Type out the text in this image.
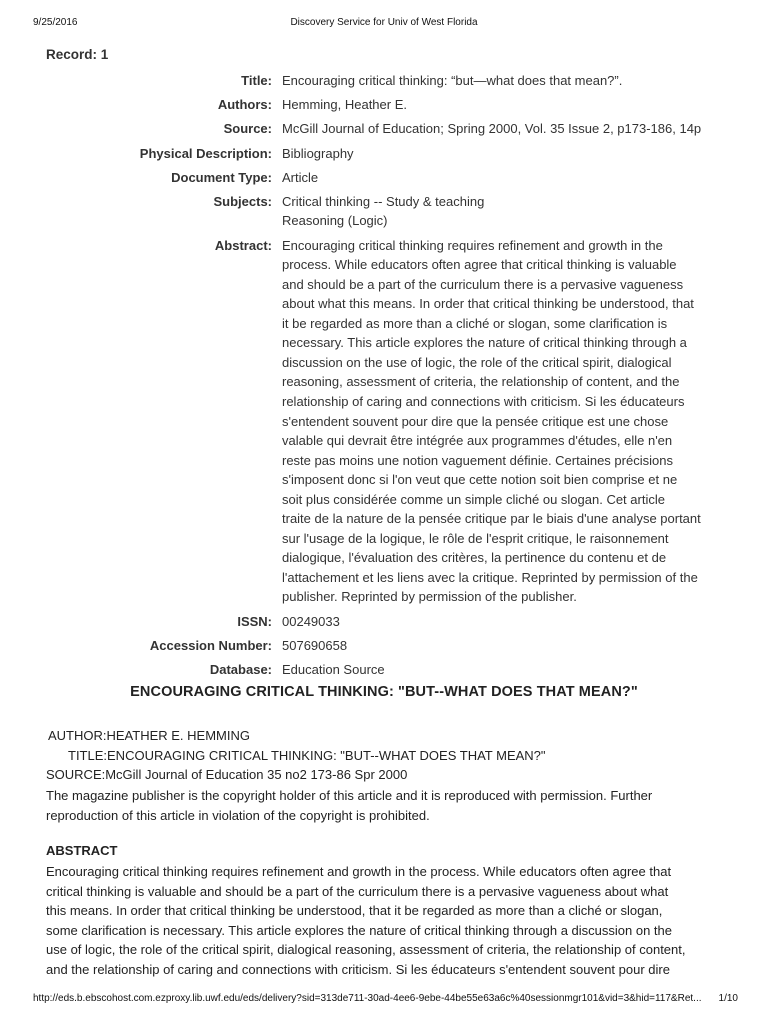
9/25/2016	Discovery Service for Univ of West Florida
Record: 1
Title: Encouraging critical thinking: “but—what does that mean?”.
Authors: Hemming, Heather E.
Source: McGill Journal of Education; Spring 2000, Vol. 35 Issue 2, p173-186, 14p
Physical Description: Bibliography
Document Type: Article
Subjects: Critical thinking -- Study & teaching
Reasoning (Logic)
Abstract: Encouraging critical thinking requires refinement and growth in the
process. While educators often agree that critical thinking is valuable
and should be a part of the curriculum there is a pervasive vagueness
about what this means. In order that critical thinking be understood, that
it be regarded as more than a cliché or slogan, some clarification is
necessary. This article explores the nature of critical thinking through a
discussion on the use of logic, the role of the critical spirit, dialogical
reasoning, assessment of criteria, the relationship of content, and the
relationship of caring and connections with criticism. Si les éducateurs
s'entendent souvent pour dire que la pensée critique est une chose
valable qui devrait être intégrée aux programmes d'études, elle n'en
reste pas moins une notion vaguement définie. Certaines précisions
s'imposent donc si l'on veut que cette notion soit bien comprise et ne
soit plus considérée comme un simple cliché ou slogan. Cet article
traite de la nature de la pensée critique par le biais d'une analyse portant
sur l'usage de la logique, le rôle de l'esprit critique, le raisonnement
dialogique, l'évaluation des critères, la pertinence du contenu et de
l'attachement et les liens avec la critique. Reprinted by permission of the
publisher. Reprinted by permission of the publisher.
ISSN: 00249033
Accession Number: 507690658
Database: Education Source
ENCOURAGING CRITICAL THINKING: "BUT--WHAT DOES THAT MEAN?"
AUTHOR:HEATHER E. HEMMING
TITLE:ENCOURAGING CRITICAL THINKING: "BUT--WHAT DOES THAT MEAN?"
SOURCE:McGill Journal of Education 35 no2 173-86 Spr 2000
The magazine publisher is the copyright holder of this article and it is reproduced with permission. Further
reproduction of this article in violation of the copyright is prohibited.
ABSTRACT
Encouraging critical thinking requires refinement and growth in the process. While educators often agree that
critical thinking is valuable and should be a part of the curriculum there is a pervasive vagueness about what
this means. In order that critical thinking be understood, that it be regarded as more than a cliché or slogan,
some clarification is necessary. This article explores the nature of critical thinking through a discussion on the
use of logic, the role of the critical spirit, dialogical reasoning, assessment of criteria, the relationship of content,
and the relationship of caring and connections with criticism. Si les éducateurs s'entendent souvent pour dire
http://eds.b.ebscohost.com.ezproxy.lib.uwf.edu/eds/delivery?sid=313de711-30ad-4ee6-9ebe-44be55e63a6c%40sessionmgr101&vid=3&hid=117&Ret... 1/10
